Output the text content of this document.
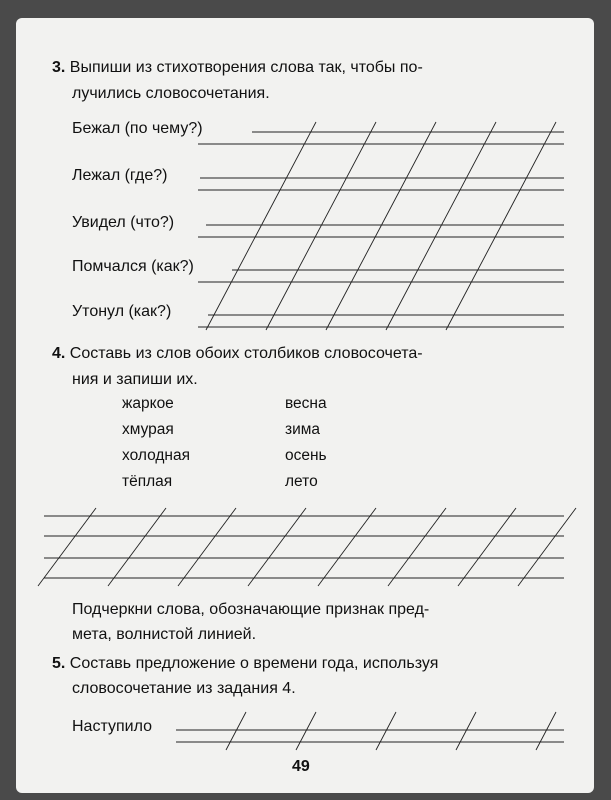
3. Выпиши из стихотворения слова так, чтобы по-
лучились словосочетания.
Бежал (по чему?)
Лежал (где?)
Увидел (что?)
Помчался (как?)
Утонул (как?)
4. Составь из слов обоих столбиков словосочета-
ния и запиши их.
жаркое
хмурая
холодная
тёплая
весна
зима
осень
лето
Подчеркни слова, обозначающие признак пред-
мета, волнистой линией.
5. Составь предложение о времени года, используя
словосочетание из задания 4.
Наступило
49
